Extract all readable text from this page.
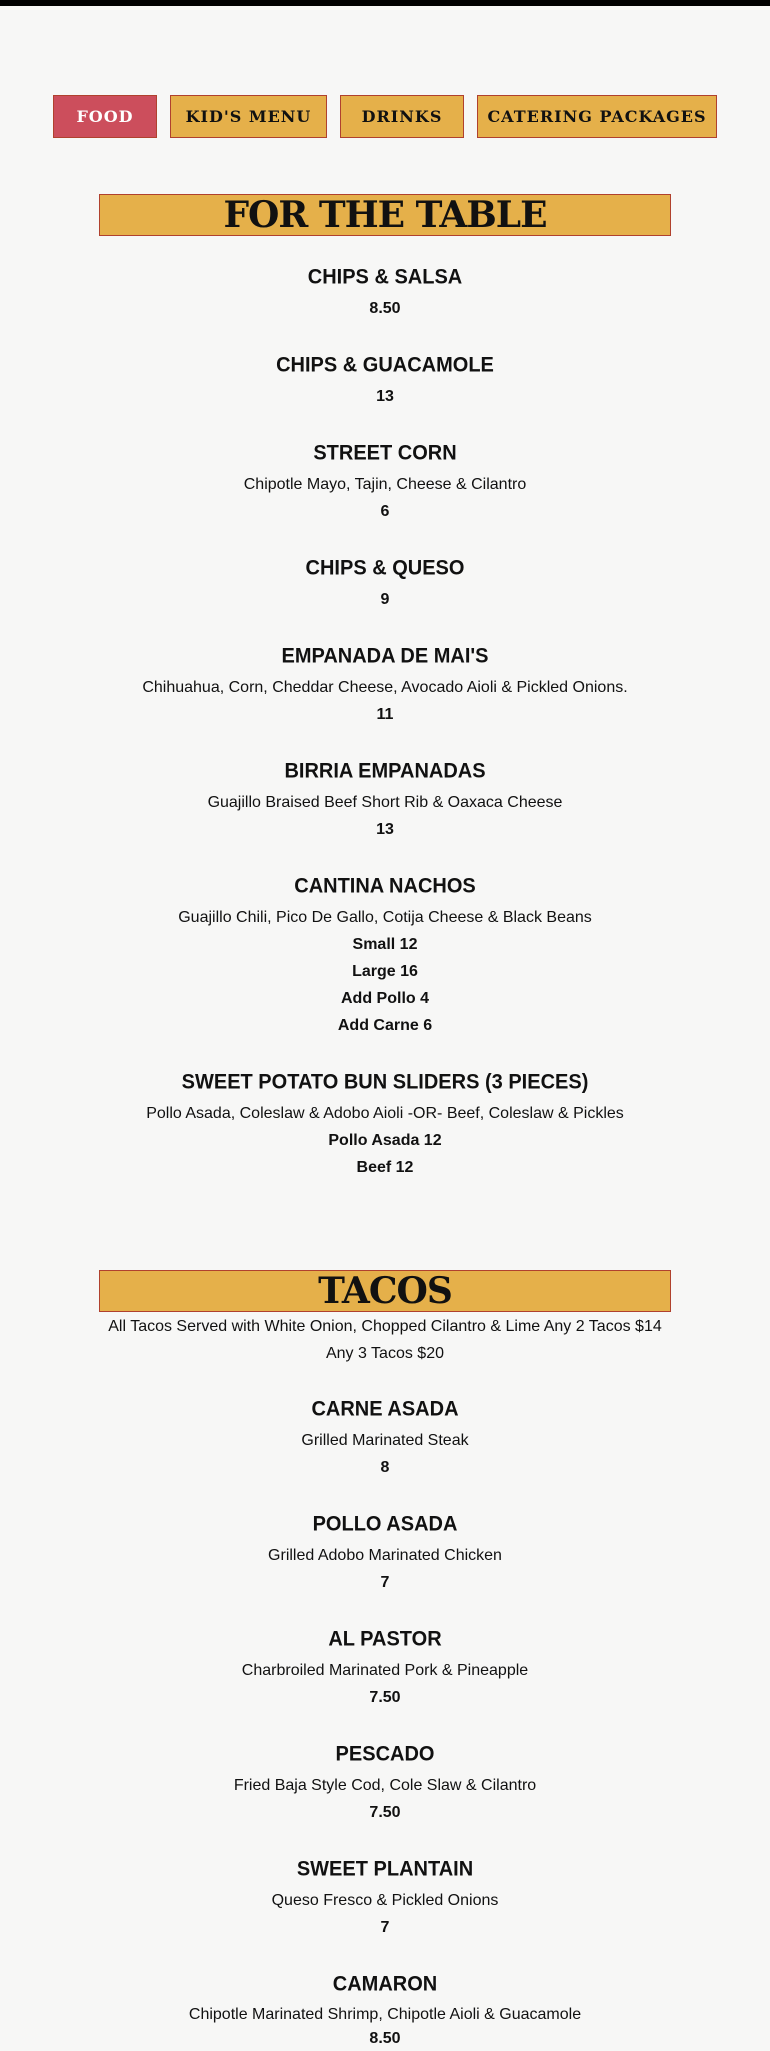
FOOD	KID'S MENU	DRINKS	CATERING PACKAGES
FOR THE TABLE
CHIPS & SALSA
8.50
CHIPS & GUACAMOLE
13
STREET CORN
Chipotle Mayo, Tajin, Cheese & Cilantro
6
CHIPS & QUESO
9
EMPANADA DE MAI'S
Chihuahua, Corn, Cheddar Cheese, Avocado Aioli & Pickled Onions.
11
BIRRIA EMPANADAS
Guajillo Braised Beef Short Rib & Oaxaca Cheese
13
CANTINA NACHOS
Guajillo Chili, Pico De Gallo, Cotija Cheese & Black Beans
Small 12
Large 16
Add Pollo 4
Add Carne 6
SWEET POTATO BUN SLIDERS (3 PIECES)
Pollo Asada, Coleslaw & Adobo Aioli -OR- Beef, Coleslaw & Pickles
Pollo Asada 12
Beef 12
TACOS
All Tacos Served with White Onion, Chopped Cilantro & Lime Any 2 Tacos $14
Any 3 Tacos $20
CARNE ASADA
Grilled Marinated Steak
8
POLLO ASADA
Grilled Adobo Marinated Chicken
7
AL PASTOR
Charbroiled Marinated Pork & Pineapple
7.50
PESCADO
Fried Baja Style Cod, Cole Slaw & Cilantro
7.50
SWEET PLANTAIN
Queso Fresco & Pickled Onions
7
CAMARON
Chipotle Marinated Shrimp, Chipotle Aioli & Guacamole
8.50
